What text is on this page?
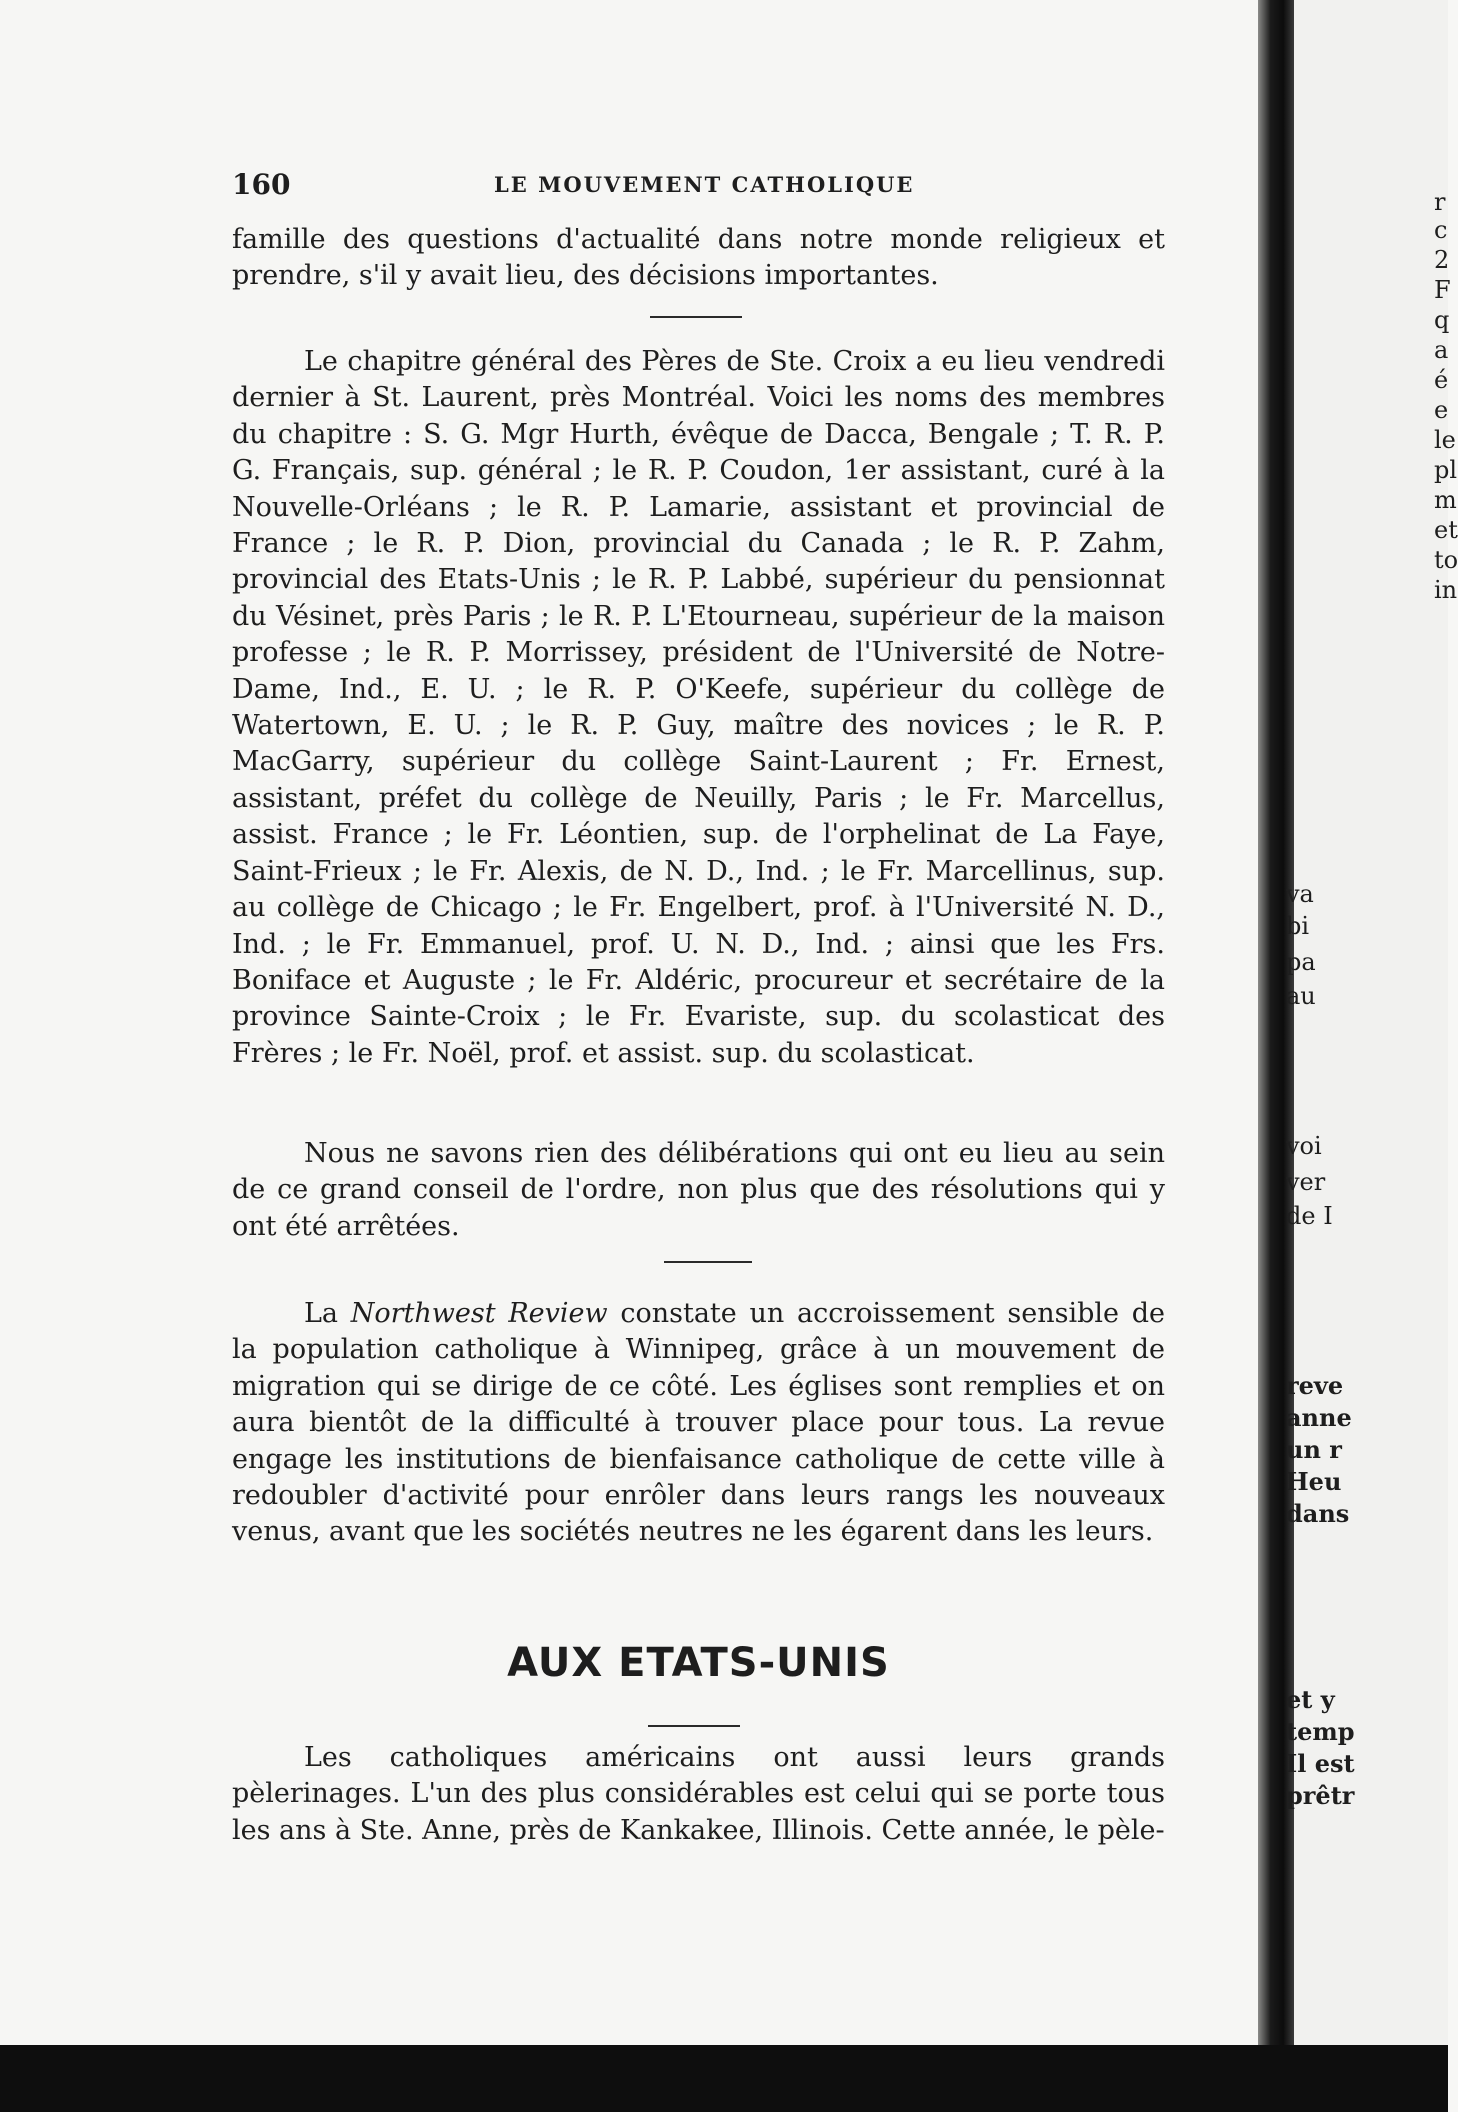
r
c
2
F
q
a
é
e
le
pl
m
et
to
in
va
bi
pa
au
voi
ver
de I
reve
anne
un r
Heu
dans
et y
temp
Il est
prêtr
160	LE MOUVEMENT CATHOLIQUE

famille des questions d'actualité dans notre monde religieux et prendre, s'il y avait lieu, des décisions importantes.

Le chapitre général des Pères de Ste. Croix a eu lieu vendredi dernier à St. Laurent, près Montréal. Voici les noms des membres du chapitre : S. G. Mgr Hurth, évêque de Dacca, Bengale ; T. R. P. G. Français, sup. général ; le R. P. Coudon, 1er assistant, curé à la Nouvelle-Orléans ; le R. P. Lamarie, assistant et provincial de France ; le R. P. Dion, provincial du Canada ; le R. P. Zahm, provincial des Etats-Unis ; le R. P. Labbé, supérieur du pensionnat du Vésinet, près Paris ; le R. P. L'Etourneau, supérieur de la maison professe ; le R. P. Morrissey, président de l'Université de Notre-Dame, Ind., E. U. ; le R. P. O'Keefe, supérieur du collège de Watertown, E. U. ; le R. P. Guy, maître des novices ; le R. P. MacGarry, supérieur du collège Saint-Laurent ; Fr. Ernest, assistant, préfet du collège de Neuilly, Paris ; le Fr. Marcellus, assist. France ; le Fr. Léontien, sup. de l'orphelinat de La Faye, Saint-Frieux ; le Fr. Alexis, de N. D., Ind. ; le Fr. Marcellinus, sup. au collège de Chicago ; le Fr. Engelbert, prof. à l'Université N. D., Ind. ; le Fr. Emmanuel, prof. U. N. D., Ind. ; ainsi que les Frs. Boniface et Auguste ; le Fr. Aldéric, procureur et secrétaire de la province Sainte-Croix ; le Fr. Evariste, sup. du scolasticat des Frères ; le Fr. Noël, prof. et assist. sup. du scolasticat.

Nous ne savons rien des délibérations qui ont eu lieu au sein de ce grand conseil de l'ordre, non plus que des résolutions qui y ont été arrêtées.

La Northwest Review constate un accroissement sensible de la population catholique à Winnipeg, grâce à un mouvement de migration qui se dirige de ce côté. Les églises sont remplies et on aura bientôt de la difficulté à trouver place pour tous. La revue engage les institutions de bienfaisance catholique de cette ville à redoubler d'activité pour enrôler dans leurs rangs les nouveaux venus, avant que les sociétés neutres ne les égarent dans les leurs.

AUX ETATS-UNIS

Les catholiques américains ont aussi leurs grands pèlerinages. L'un des plus considérables est celui qui se porte tous les ans à Ste. Anne, près de Kankakee, Illinois. Cette année, le pèle-
